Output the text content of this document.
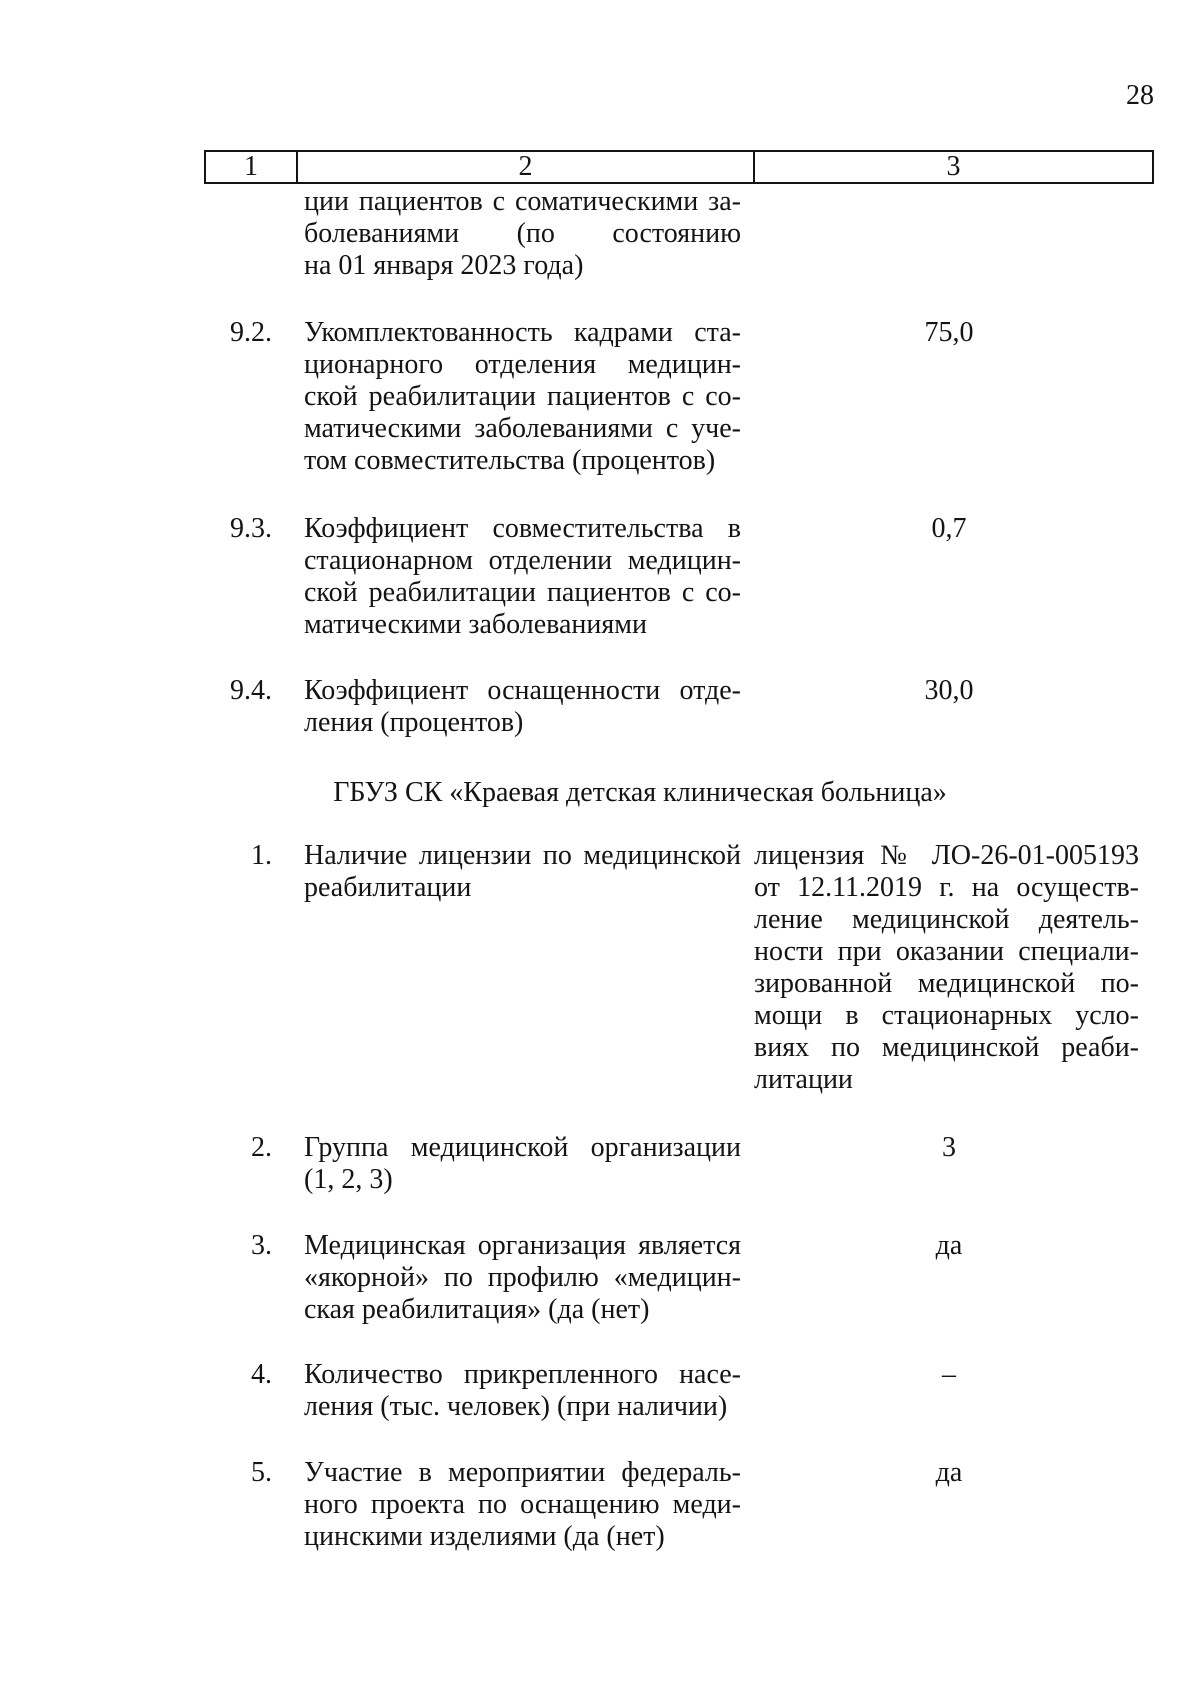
28
1	2	3
ции пациентов с соматическими за-
болеваниями (по состоянию
на 01 января 2023 года)
9.2. Укомплектованность кадрами ста-
ционарного отделения медицин-
ской реабилитации пациентов с со-
матическими заболеваниями с уче-
том совместительства (процентов)
75,0
9.3. Коэффициент совместительства в
стационарном отделении медицин-
ской реабилитации пациентов с со-
матическими заболеваниями
0,7
9.4. Коэффициент оснащенности отде-
ления (процентов)
30,0
ГБУЗ СК «Краевая детская клиническая больница»
1. Наличие лицензии по медицинской
реабилитации
лицензия № ЛО-26-01-005193
от 12.11.2019 г. на осуществ-
ление медицинской деятель-
ности при оказании специали-
зированной медицинской по-
мощи в стационарных усло-
виях по медицинской реаби-
литации
2. Группа медицинской организации
(1, 2, 3)
3
3. Медицинская организация является
«якорной» по профилю «медицин-
ская реабилитация» (да (нет)
да
4. Количество прикрепленного насе-
ления (тыс. человек) (при наличии)
–
5. Участие в мероприятии федераль-
ного проекта по оснащению меди-
цинскими изделиями (да (нет)
да
